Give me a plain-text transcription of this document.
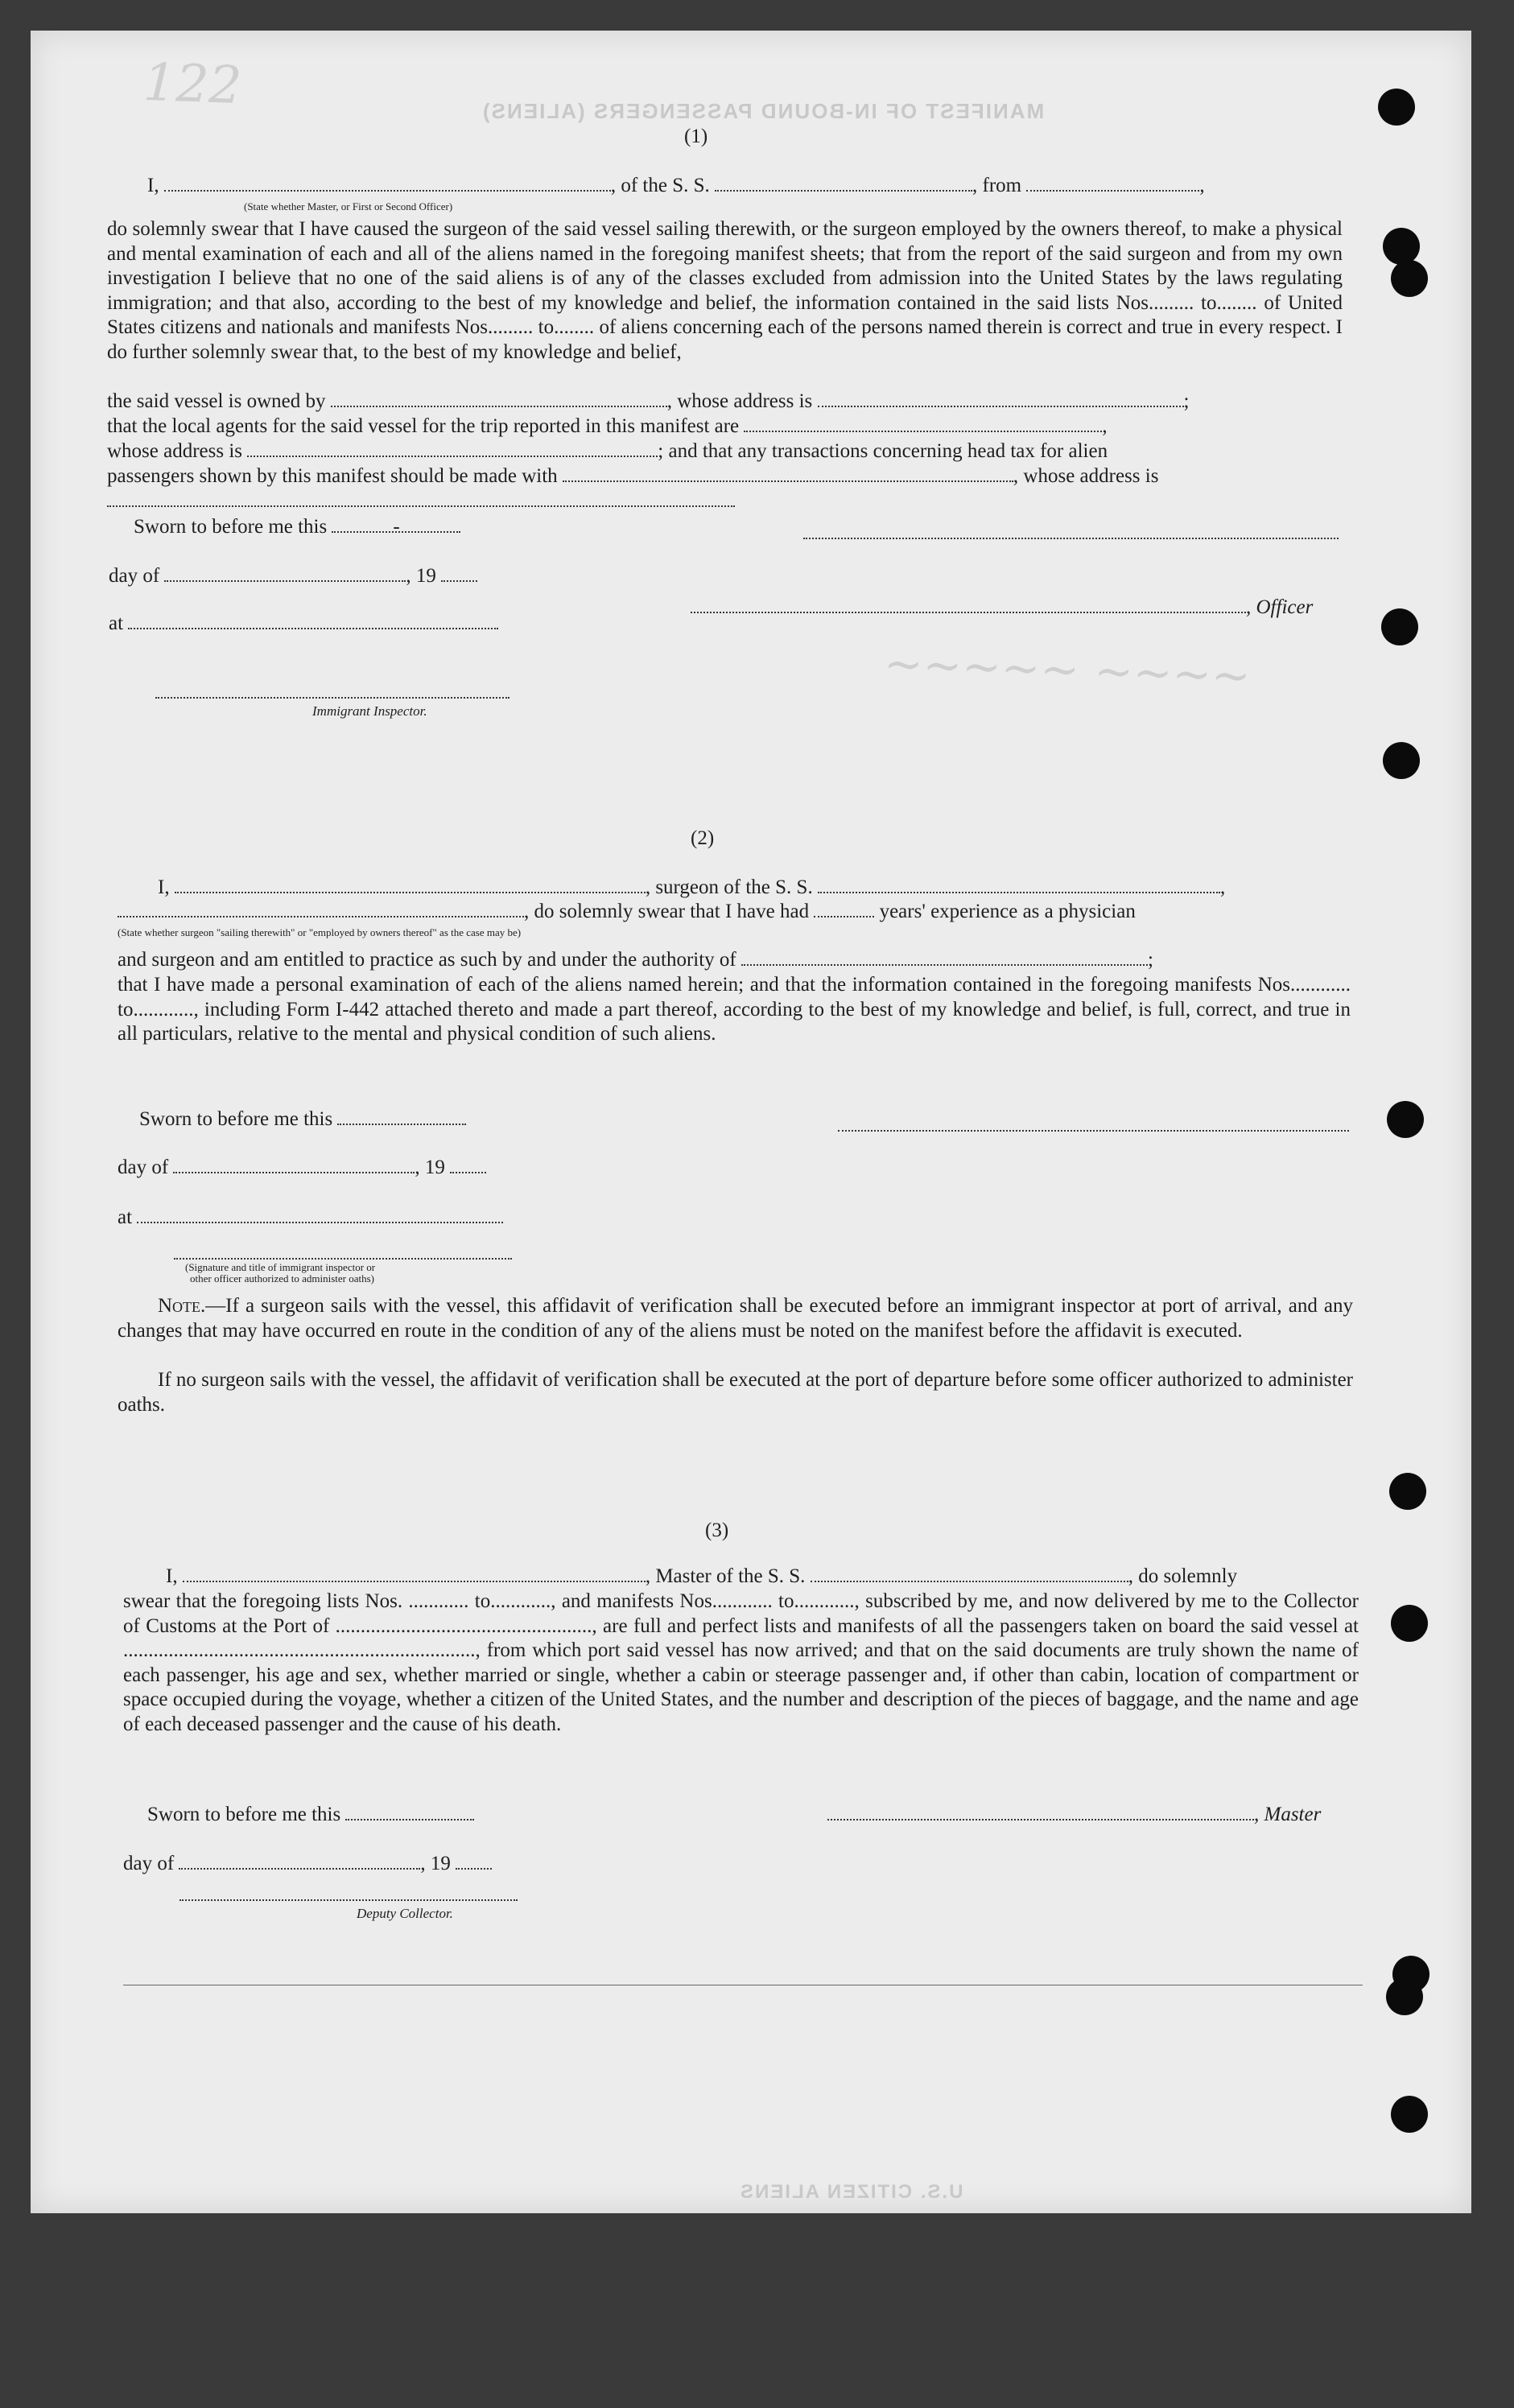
MANIFEST OF IN-BOUND PASSENGERS (ALIENS)
122
~~~~~ ~~~~
(1)
I,	, of the S. S.	, from	,
(State whether Master, or First or Second Officer)
do solemnly swear that I have caused the surgeon of the said vessel sailing therewith, or the surgeon employed by the owners thereof, to make a physical and mental examination of each and all of the aliens named in the foregoing manifest sheets; that from the report of the said surgeon and from my own investigation I believe that no one of the said aliens is of any of the classes excluded from admission into the United States by the laws regulating immigration; and that also, according to the best of my knowledge and belief, the information contained in the said lists Nos......... to........ of United States citizens and nationals and manifests Nos......... to........ of aliens concerning each of the persons named therein is correct and true in every respect. I do further solemnly swear that, to the best of my knowledge and belief,
the said vessel is owned by	, whose address is	;
that the local agents for the said vessel for the trip reported in this manifest are	,
whose address is	; and that any transactions concerning head tax for alien
passengers shown by this manifest should be made with	, whose address is
Sworn to before me this	-
day of	, 19
at
, Officer
Immigrant Inspector.
(2)
I,	, surgeon of the S. S.	,
, do solemnly swear that I have had	years' experience as a physician
(State whether surgeon "sailing therewith" or "employed by owners thereof" as the case may be)
and surgeon and am entitled to practice as such by and under the authority of	;
that I have made a personal examination of each of the aliens named herein; and that the information contained in the foregoing manifests Nos............ to............, including Form I-442 attached thereto and made a part thereof, according to the best of my knowledge and belief, is full, correct, and true in all particulars, relative to the mental and physical condition of such aliens.
Sworn to before me this
day of	, 19
at
(Signature and title of immigrant inspector or
other officer authorized to administer oaths)
Note.—If a surgeon sails with the vessel, this affidavit of verification shall be executed before an immigrant inspector at port of arrival, and any changes that may have occurred en route in the condition of any of the aliens must be noted on the manifest before the affidavit is executed.
If no surgeon sails with the vessel, the affidavit of verification shall be executed at the port of departure before some officer authorized to administer oaths.
(3)
I,	, Master of the S. S.	, do solemnly
swear that the foregoing lists Nos. ............ to............, and manifests Nos............ to............, subscribed by me, and now delivered by me to the Collector of Customs at the Port of ..................................................., are full and perfect lists and manifests of all the passengers taken on board the said vessel at ......................................................................, from which port said vessel has now arrived; and that on the said documents are truly shown the name of each passenger, his age and sex, whether married or single, whether a cabin or steerage passenger and, if other than cabin, location of compartment or space occupied during the voyage, whether a citizen of the United States, and the number and description of the pieces of baggage, and the name and age of each deceased passenger and the cause of his death.
Sworn to before me this	, Master
day of	, 19
Deputy Collector.
U.S. CITIZEN ALIENS
